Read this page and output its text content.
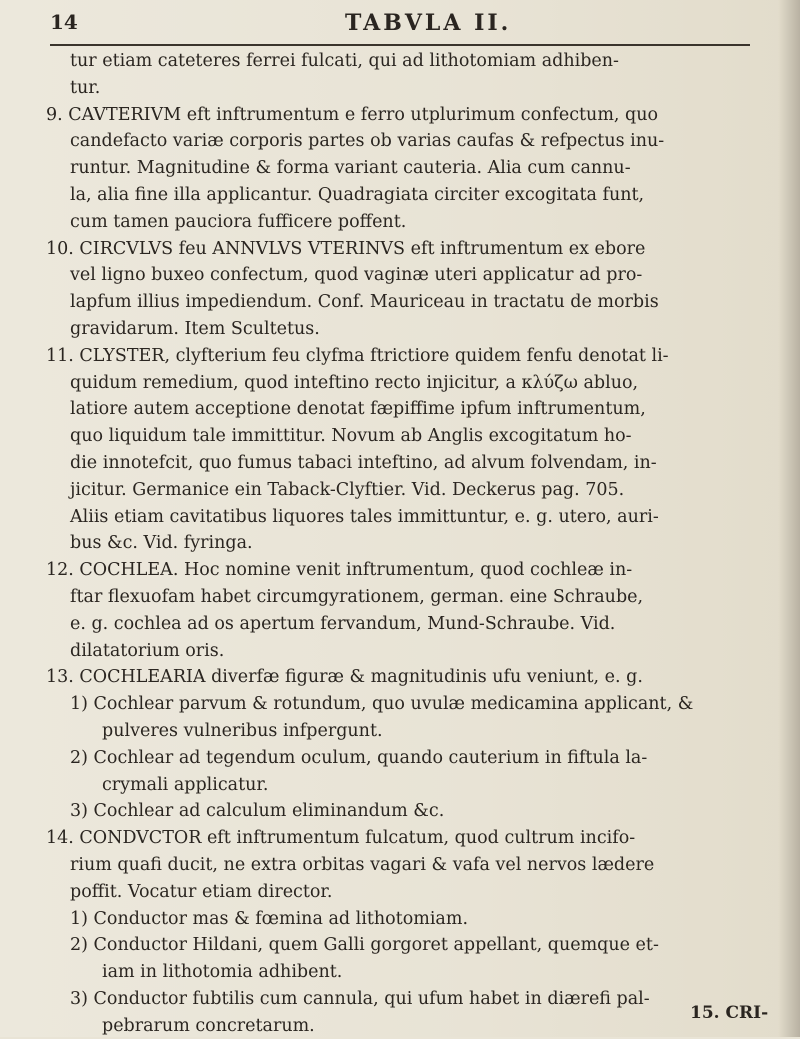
14	TABVLA II.
tur etiam cateteres ferrei fulcati, qui ad lithotomiam adhiben-
tur.
9. CAVTERIVM eft inftrumentum e ferro utplurimum confectum, quo
candefacto variæ corporis partes ob varias caufas & refpectus inu-
runtur. Magnitudine & forma variant cauteria. Alia cum cannu-
la, alia fine illa applicantur. Quadragiata circiter excogitata funt,
cum tamen pauciora fufficere poffent.
10. CIRCVLVS feu ANNVLVS VTERINVS eft inftrumentum ex ebore
vel ligno buxeo confectum, quod vaginæ uteri applicatur ad pro-
lapfum illius impediendum. Conf. Mauriceau in tractatu de morbis
gravidarum. Item Scultetus.
11. CLYSTER, clyfterium feu clyfma ftrictiore quidem fenfu denotat li-
quidum remedium, quod inteftino recto injicitur, a κλύζω abluo,
latiore autem acceptione denotat fæpiffime ipfum inftrumentum,
quo liquidum tale immittitur. Novum ab Anglis excogitatum ho-
die innotefcit, quo fumus tabaci inteftino, ad alvum folvendam, in-
jicitur. Germanice ein Taback-Clyftier. Vid. Deckerus pag. 705.
Aliis etiam cavitatibus liquores tales immittuntur, e. g. utero, auri-
bus &c. Vid. fyringa.
12. COCHLEA. Hoc nomine venit inftrumentum, quod cochleæ in-
ftar flexuofam habet circumgyrationem, german. eine Schraube,
e. g. cochlea ad os apertum fervandum, Mund-Schraube. Vid.
dilatatorium oris.
13. COCHLEARIA diverfæ figuræ & magnitudinis ufu veniunt, e. g.
1) Cochlear parvum & rotundum, quo uvulæ medicamina applicant, &
pulveres vulneribus infpergunt.
2) Cochlear ad tegendum oculum, quando cauterium in fiftula la-
crymali applicatur.
3) Cochlear ad calculum eliminandum &c.
14. CONDVCTOR eft inftrumentum fulcatum, quod cultrum incifo-
rium quafi ducit, ne extra orbitas vagari & vafa vel nervos lædere
poffit. Vocatur etiam director.
1) Conductor mas & fœmina ad lithotomiam.
2) Conductor Hildani, quem Galli gorgoret appellant, quemque et-
iam in lithotomia adhibent.
3) Conductor fubtilis cum cannula, qui ufum habet in diærefi pal-
pebrarum concretarum.
15. CRI-
